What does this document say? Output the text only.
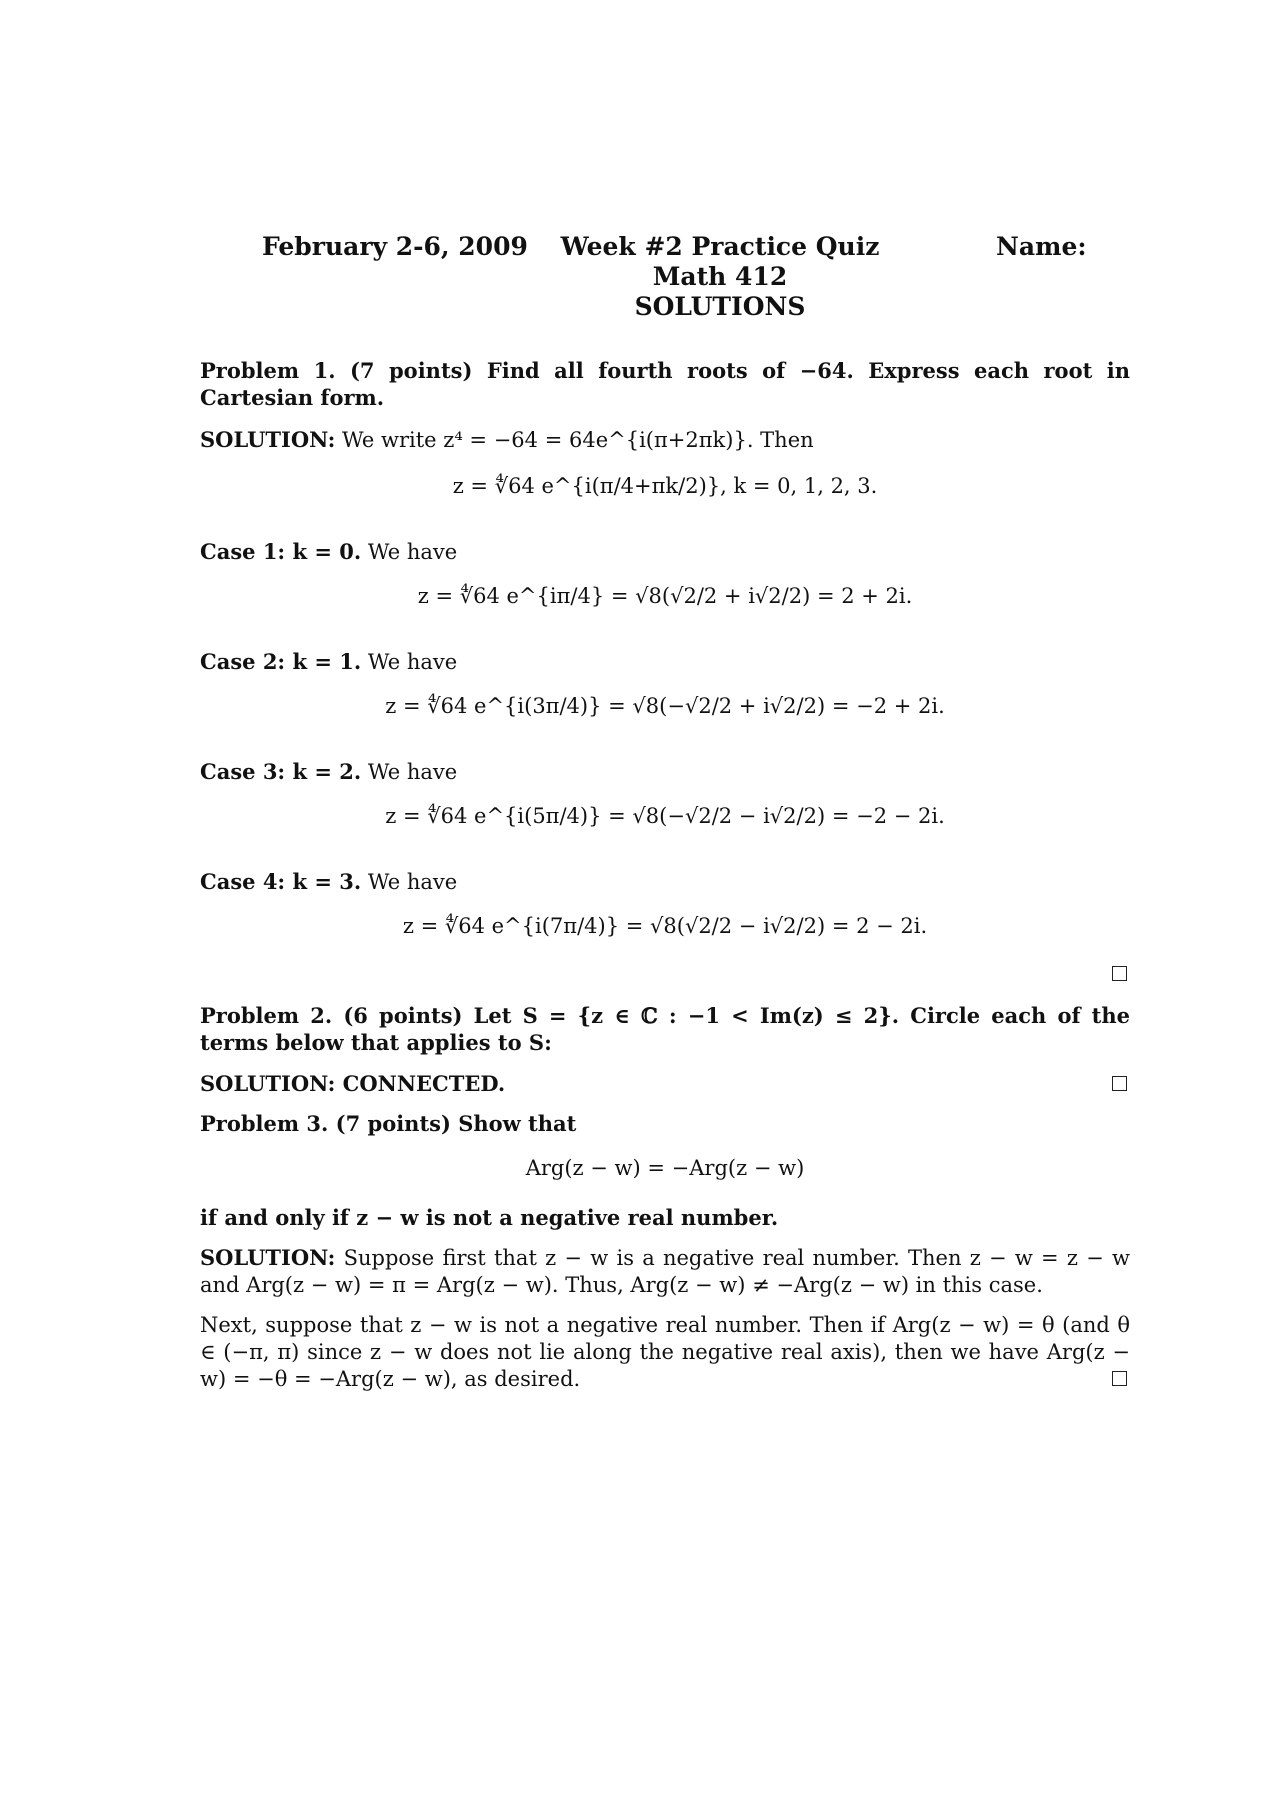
February 2-6, 2009	Week #2 Practice Quiz
Math 412
SOLUTIONS
Name:
Problem 1. (7 points) Find all fourth roots of −64. Express each root in Cartesian form.
SOLUTION: We write z⁴ = −64 = 64e^{i(π+2πk)}. Then
z = ∜64 e^{i(π/4+πk/2)}, k = 0, 1, 2, 3.
Case 1: k = 0. We have
z = ∜64 e^{iπ/4} = √8(√2/2 + i√2/2) = 2 + 2i.
Case 2: k = 1. We have
z = ∜64 e^{i(3π/4)} = √8(−√2/2 + i√2/2) = −2 + 2i.
Case 3: k = 2. We have
z = ∜64 e^{i(5π/4)} = √8(−√2/2 − i√2/2) = −2 − 2i.
Case 4: k = 3. We have
z = ∜64 e^{i(7π/4)} = √8(√2/2 − i√2/2) = 2 − 2i.
Problem 2. (6 points) Let S = {z ∈ ℂ : −1 < Im(z) ≤ 2}. Circle each of the terms below that applies to S:
SOLUTION: CONNECTED.
Problem 3. (7 points) Show that
Arg(z − w) = −Arg(z − w)
if and only if z − w is not a negative real number.
SOLUTION: Suppose first that z − w is a negative real number. Then z − w = z − w and Arg(z − w) = π = Arg(z − w). Thus, Arg(z − w) ≠ −Arg(z − w) in this case.
Next, suppose that z − w is not a negative real number. Then if Arg(z − w) = θ (and θ ∈ (−π, π) since z − w does not lie along the negative real axis), then we have Arg(z − w) = −θ = −Arg(z − w), as desired.
